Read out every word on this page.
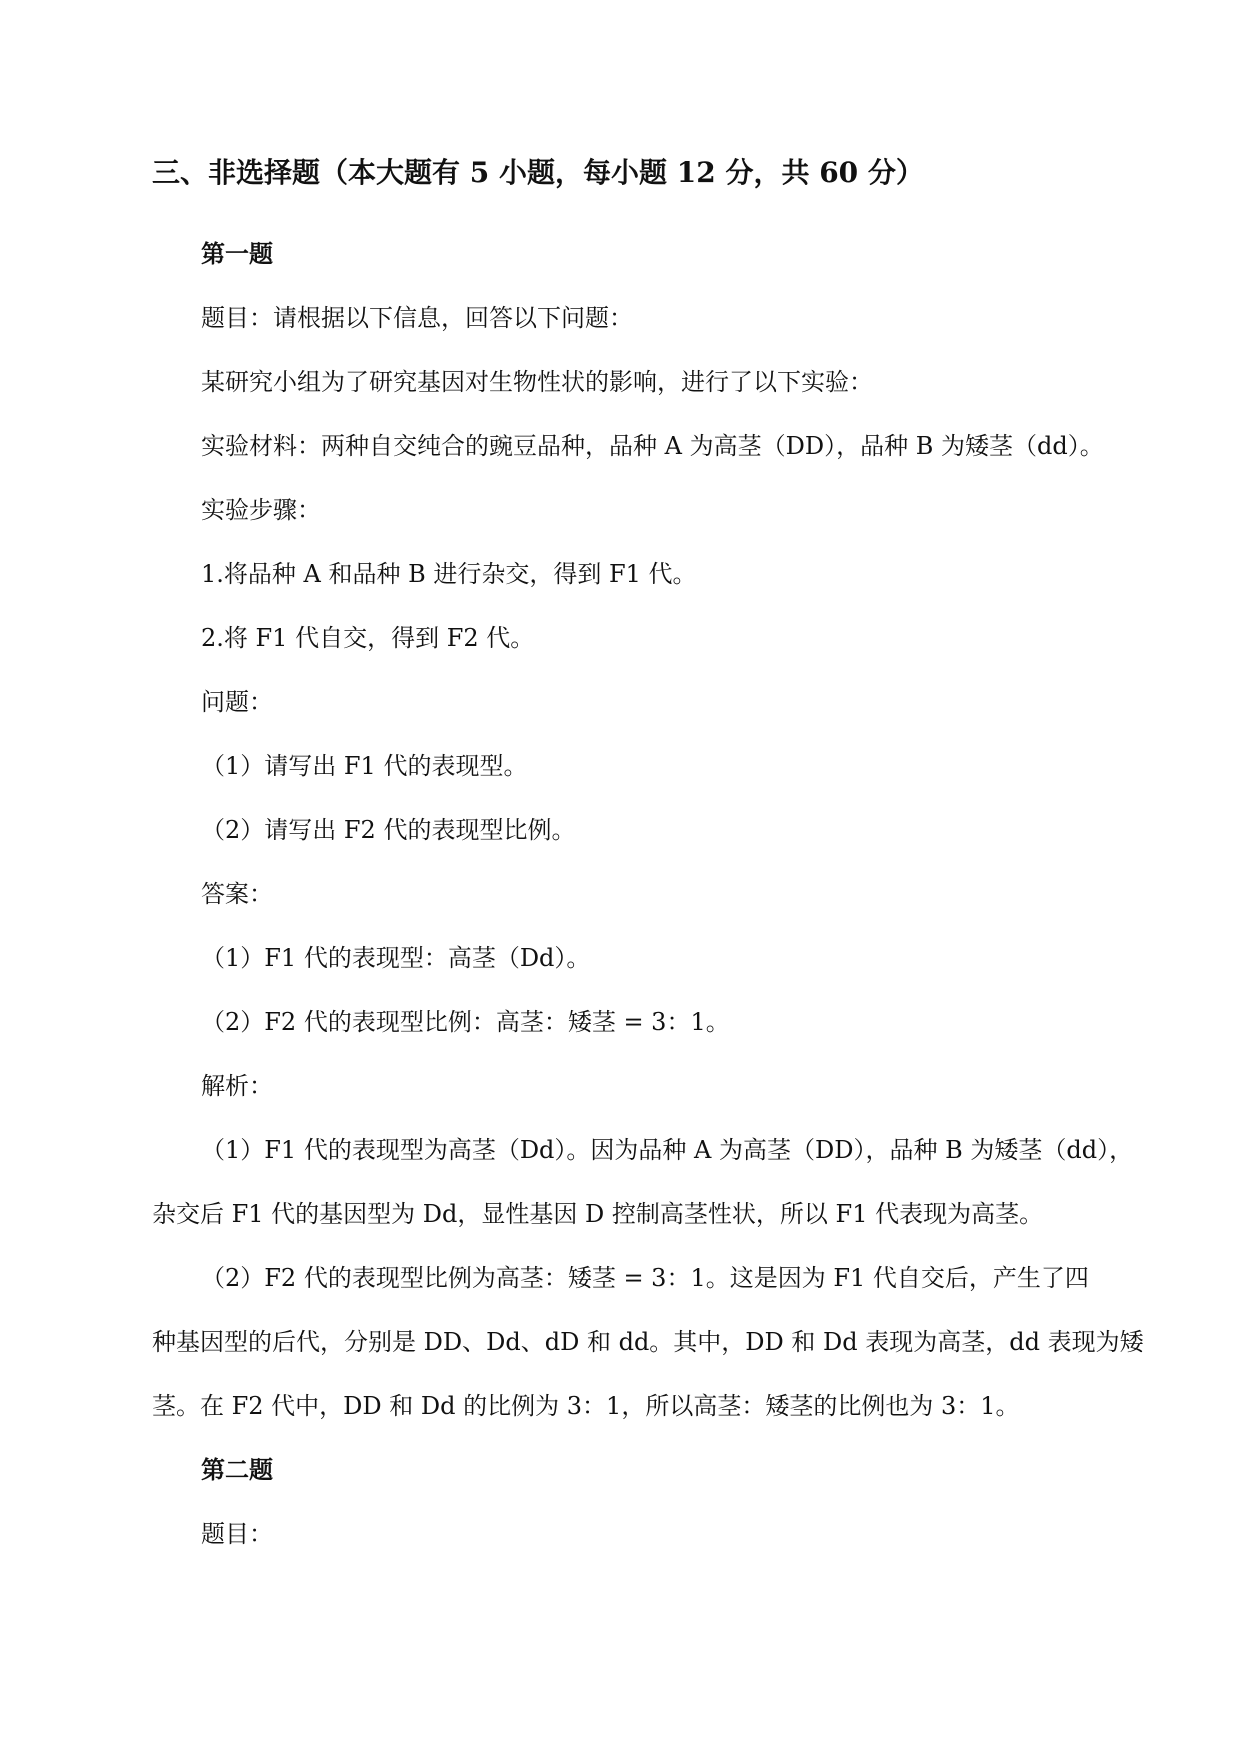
三、非选择题（本大题有 5 小题，每小题 12 分，共 60 分）
第一题
题目：请根据以下信息，回答以下问题：
某研究小组为了研究基因对生物性状的影响，进行了以下实验：
实验材料：两种自交纯合的豌豆品种，品种 A 为高茎（DD），品种 B 为矮茎（dd）。
实验步骤：
1.将品种 A 和品种 B 进行杂交，得到 F1 代。
2.将 F1 代自交，得到 F2 代。
问题：
（1）请写出 F1 代的表现型。
（2）请写出 F2 代的表现型比例。
答案：
（1）F1 代的表现型：高茎（Dd）。
（2）F2 代的表现型比例：高茎：矮茎 = 3：1。
解析：
（1）F1 代的表现型为高茎（Dd）。因为品种 A 为高茎（DD），品种 B 为矮茎（dd），
杂交后 F1 代的基因型为 Dd，显性基因 D 控制高茎性状，所以 F1 代表现为高茎。
（2）F2 代的表现型比例为高茎：矮茎 = 3：1。这是因为 F1 代自交后，产生了四
种基因型的后代，分别是 DD、Dd、dD 和 dd。其中，DD 和 Dd 表现为高茎，dd 表现为矮
茎。在 F2 代中，DD 和 Dd 的比例为 3：1，所以高茎：矮茎的比例也为 3：1。
第二题
题目：
